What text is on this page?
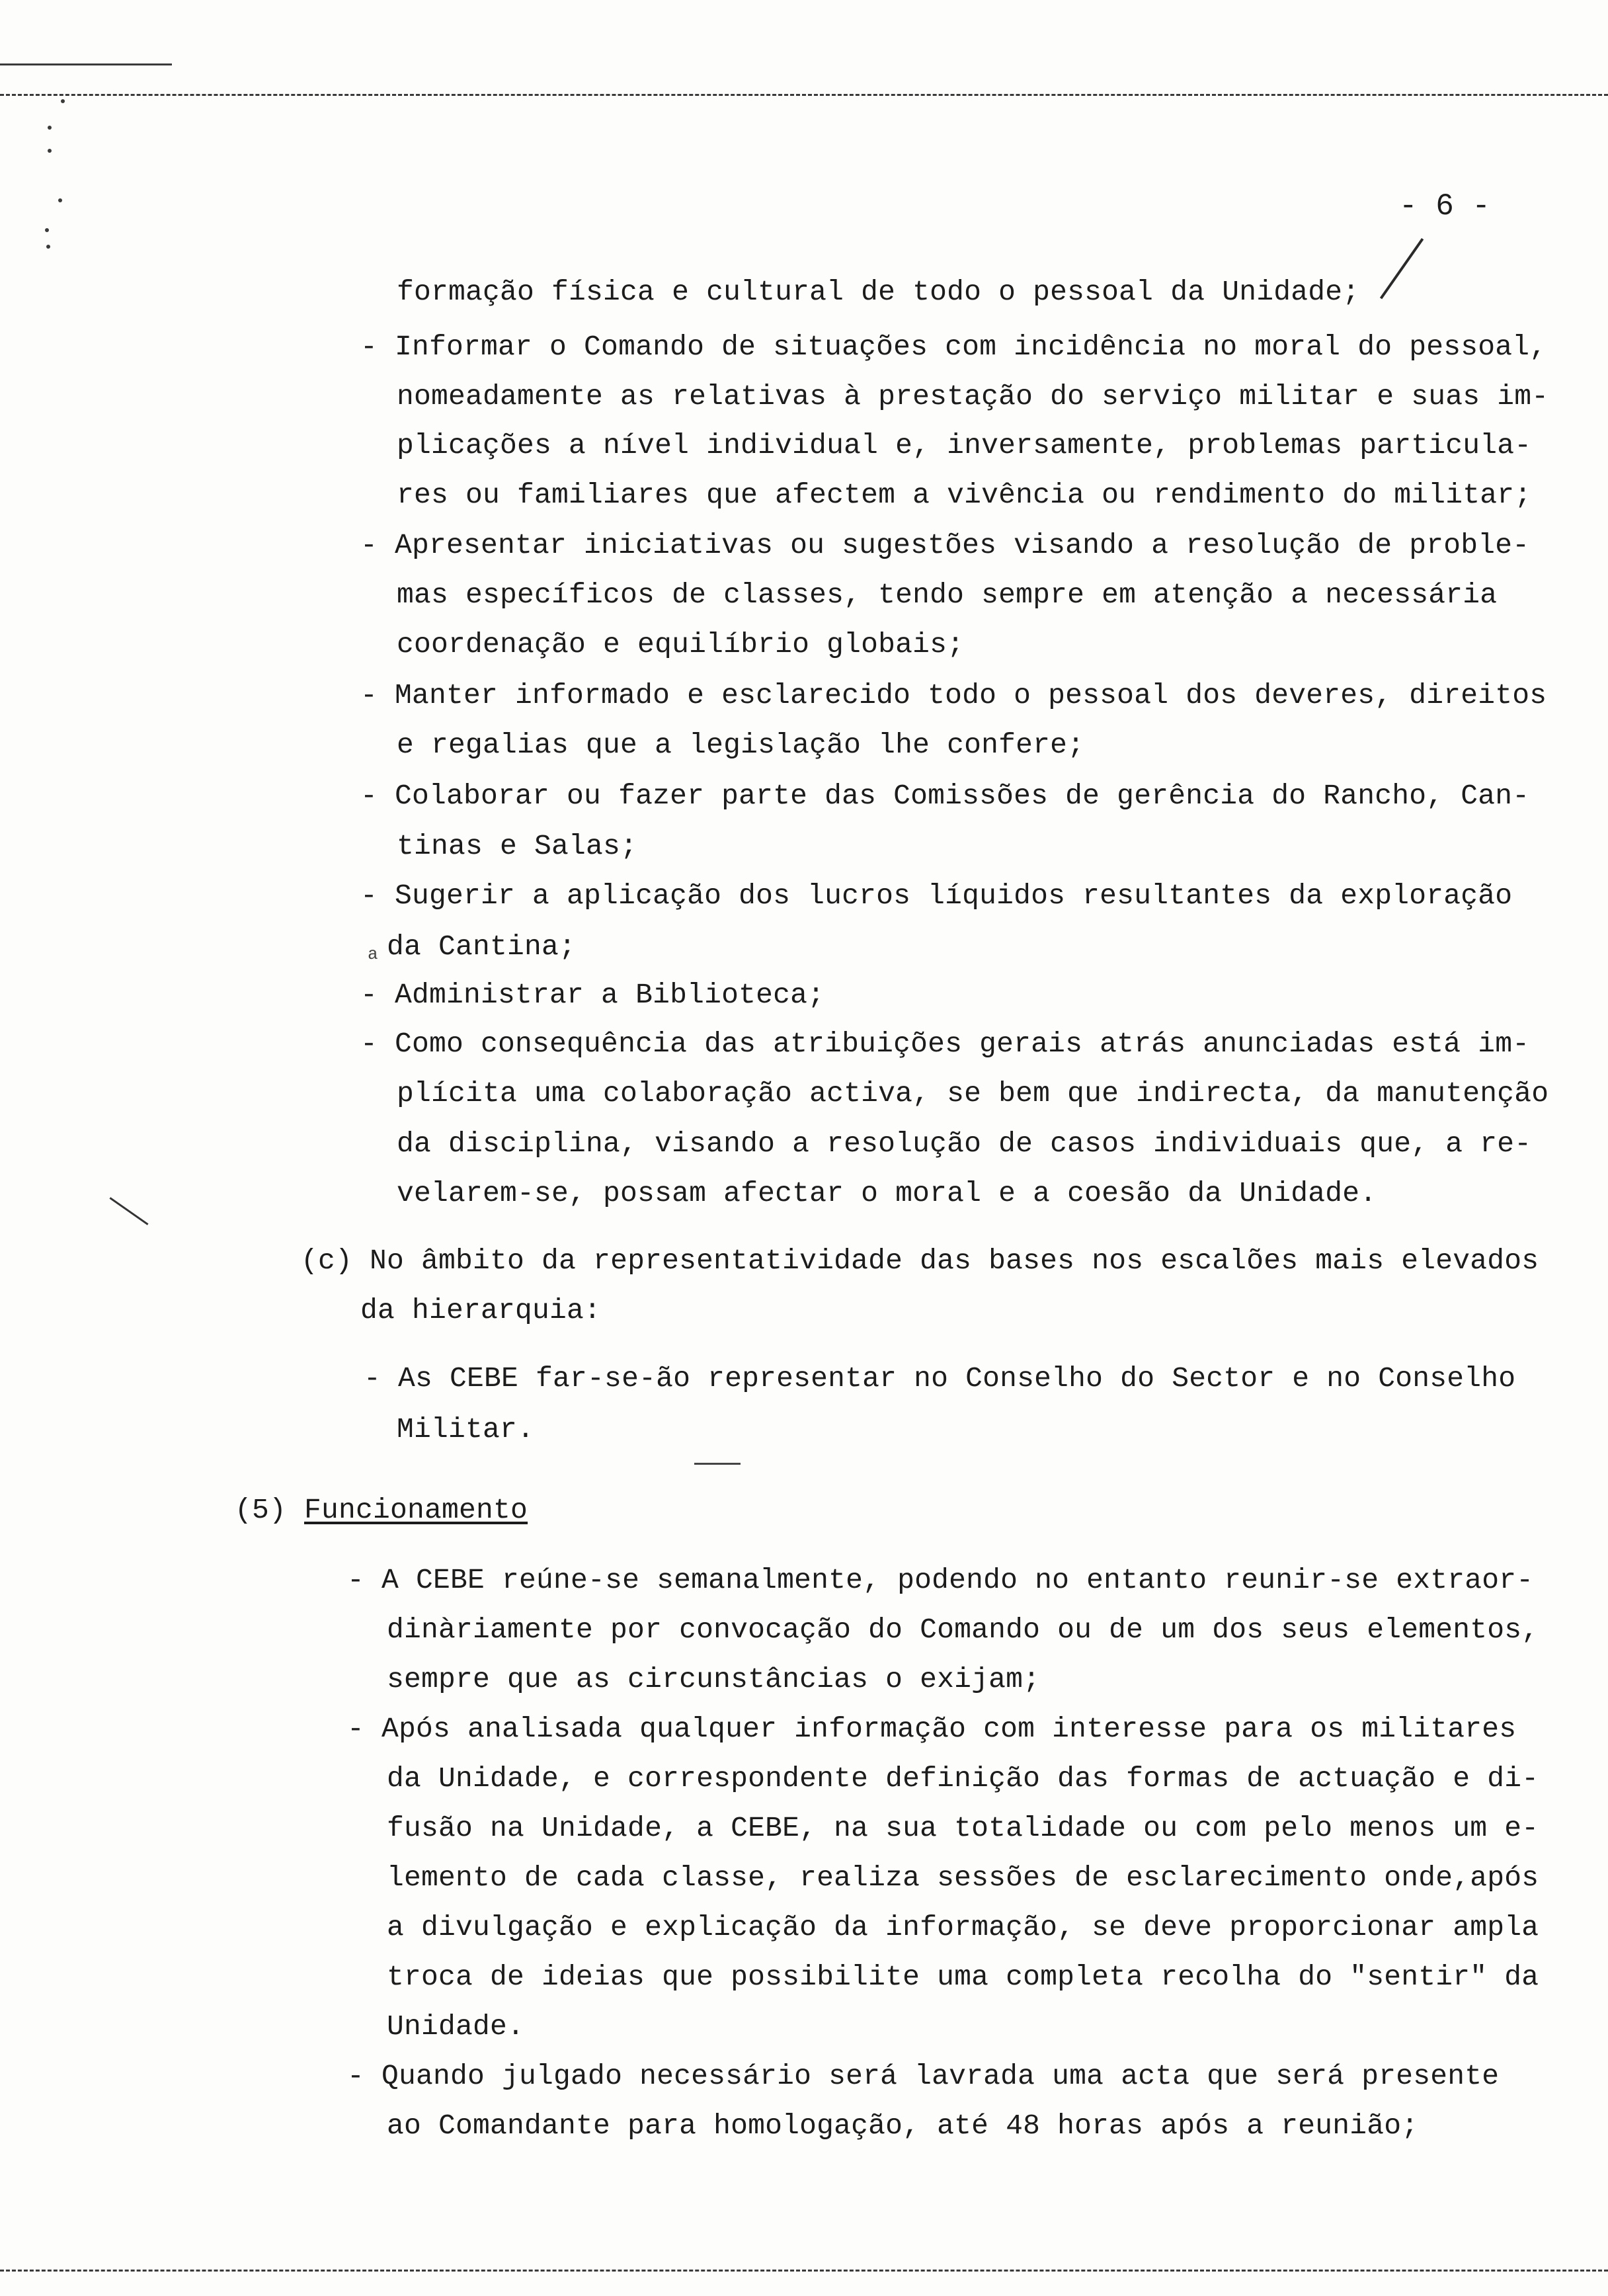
- 6 -
formação física e cultural de todo o pessoal da Unidade;
- Informar o Comando de situações com incidência no moral do pessoal,
nomeadamente as relativas à prestação do serviço militar e suas im-
plicações a nível individual e, inversamente, problemas particula-
res ou familiares que afectem a vivência ou rendimento do militar;
- Apresentar iniciativas ou sugestões visando a resolução de proble-
mas específicos de classes, tendo sempre em atenção a necessária
coordenação e equilíbrio globais;
- Manter informado e esclarecido todo o pessoal dos deveres, direitos
e regalias que a legislação lhe confere;
- Colaborar ou fazer parte das Comissões de gerência do Rancho, Can-
tinas e Salas;
- Sugerir a aplicação dos lucros líquidos resultantes da exploração
a da Cantina;
- Administrar a Biblioteca;
- Como consequência das atribuições gerais atrás anunciadas está im-
plícita uma colaboração activa, se bem que indirecta, da manutenção
da disciplina, visando a resolução de casos individuais que, a re-
velarem-se, possam afectar o moral e a coesão da Unidade.
(c) No âmbito da representatividade das bases nos escalões mais elevados
da hierarquia:
- As CEBE far-se-ão representar no Conselho do Sector e no Conselho
Militar.
(5) Funcionamento
- A CEBE reúne-se semanalmente, podendo no entanto reunir-se extraor-
dinàriamente por convocação do Comando ou de um dos seus elementos,
sempre que as circunstâncias o exijam;
- Após analisada qualquer informação com interesse para os militares
da Unidade, e correspondente definição das formas de actuação e di-
fusão na Unidade, a CEBE, na sua totalidade ou com pelo menos um e-
lemento de cada classe, realiza sessões de esclarecimento onde,após
a divulgação e explicação da informação, se deve proporcionar ampla
troca de ideias que possibilite uma completa recolha do "sentir" da
Unidade.
- Quando julgado necessário será lavrada uma acta que será presente
ao Comandante para homologação, até 48 horas após a reunião;
